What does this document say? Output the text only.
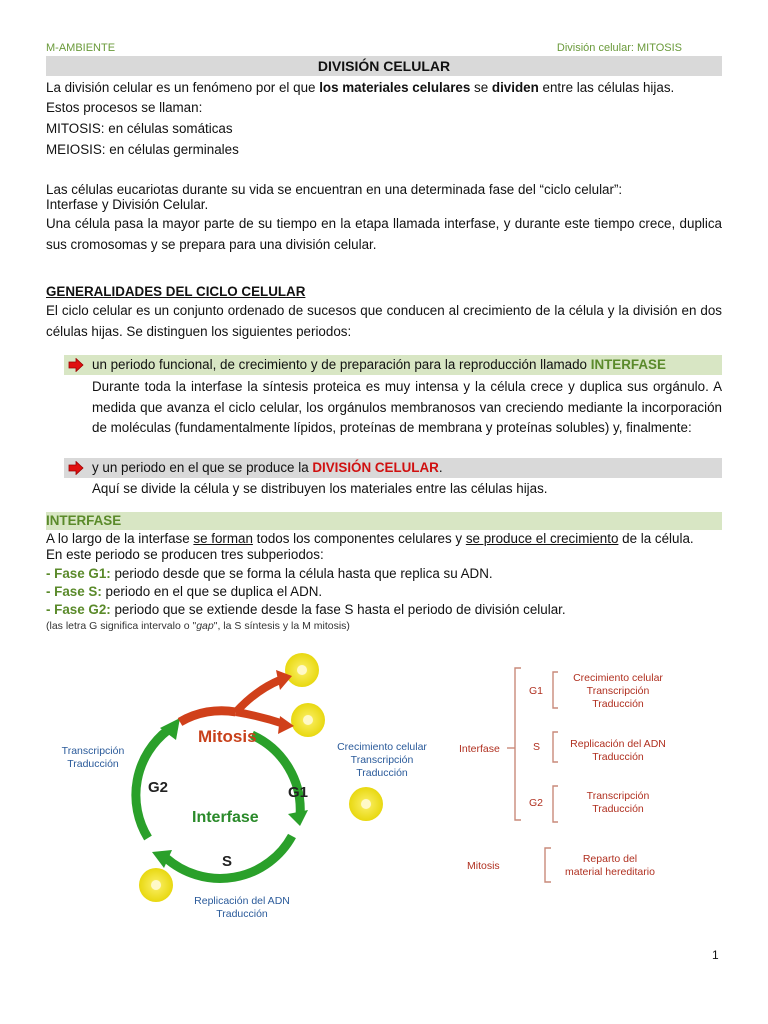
M-AMBIENTE	División celular: MITOSIS
DIVISIÓN CELULAR

La división celular es un fenómeno por el que los materiales celulares se dividen entre las células hijas.

Estos procesos se llaman:

MITOSIS: en células somáticas

MEIOSIS: en células germinales

Las células eucariotas durante su vida se encuentran en una determinada fase del “ciclo celular”:

Interfase y División Celular.

Una célula pasa la mayor parte de su tiempo en la etapa llamada interfase, y durante este tiempo crece, duplica sus cromosomas y se prepara para una división celular.

GENERALIDADES DEL CICLO CELULAR

El ciclo celular es un conjunto ordenado de sucesos que conducen al crecimiento de la célula y la división en dos células hijas. Se distinguen los siguientes periodos:

un periodo funcional, de crecimiento y de preparación para la reproducción llamado INTERFASE

Durante toda la interfase la síntesis proteica es muy intensa y la célula crece y duplica sus orgánulo. A medida que avanza el ciclo celular, los orgánulos membranosos van creciendo mediante la incorporación de moléculas (fundamentalmente lípidos, proteínas de membrana y proteínas solubles) y, finalmente:

y un periodo en el que se produce la DIVISIÓN CELULAR.

Aquí se divide la célula y se distribuyen los materiales entre las células hijas.

INTERFASE

A lo largo de la interfase se forman todos los componentes celulares y se produce el crecimiento de la célula.

En este periodo se producen tres subperiodos:

- Fase G1: periodo desde que se forma la célula hasta que replica su ADN.

- Fase S: periodo en el que se duplica el ADN.

- Fase G2: periodo que se extiende desde la fase S hasta el periodo de división celular.

(las letra G significa intervalo o "gap", la S síntesis y la M mitosis)
Mitosis
Interfase
G1
G2
S
Transcripción
Traducción
Crecimiento celular
Transcripción
Traducción
Replicación del ADN
Traducción
Interfase
Mitosis
G1
S
G2
Crecimiento celular
Transcripción
Traducción
Replicación del ADN
Traducción
Transcripción
Traducción
Reparto del
material hereditario
1
